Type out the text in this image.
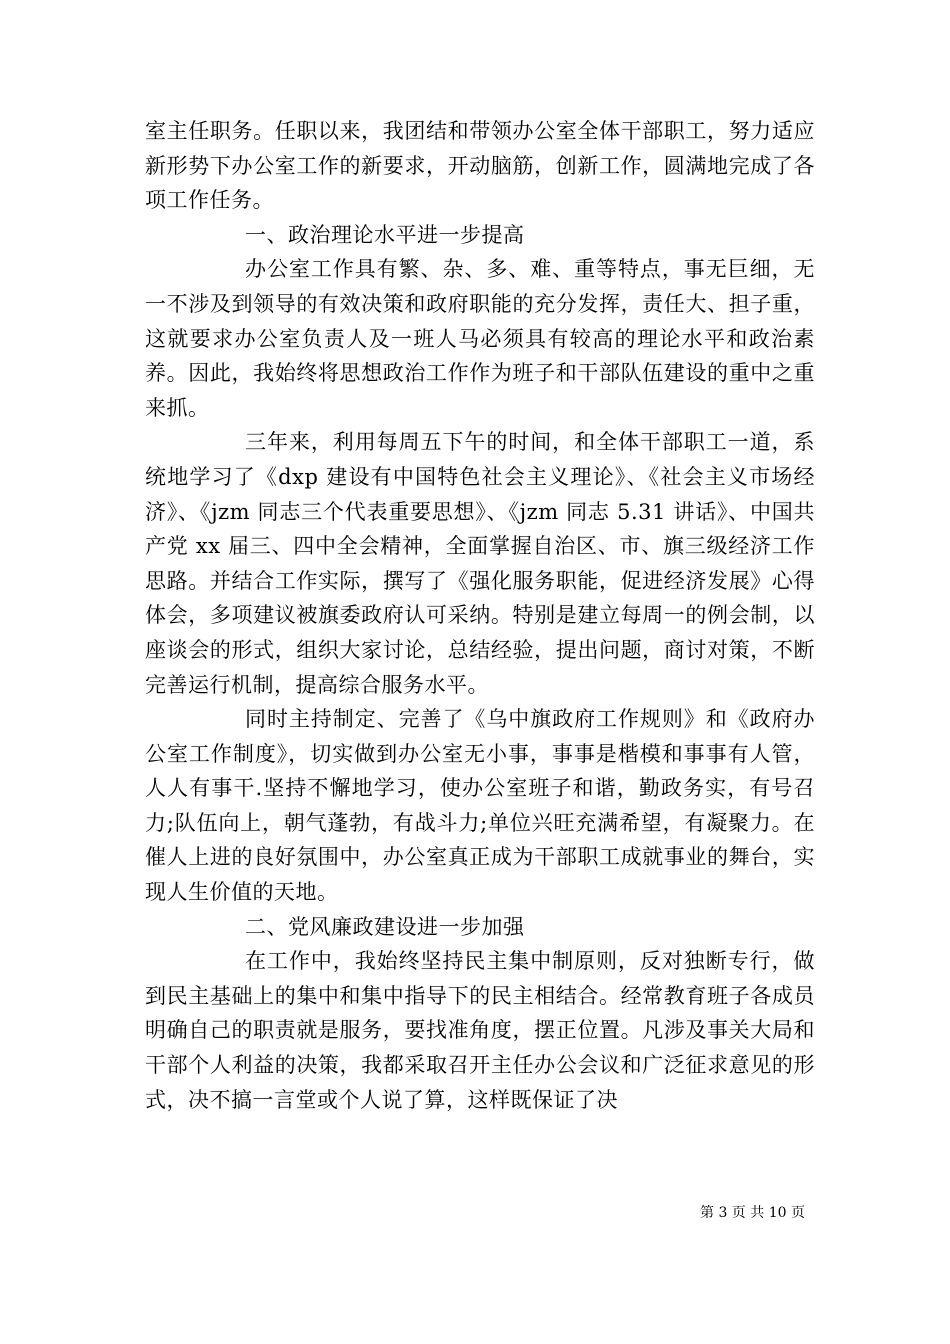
室主任职务。任职以来，我团结和带领办公室全体干部职工，努力适应新形势下办公室工作的新要求，开动脑筋，创新工作，圆满地完成了各项工作任务。

一、政治理论水平进一步提高

办公室工作具有繁、杂、多、难、重等特点，事无巨细，无一不涉及到领导的有效决策和政府职能的充分发挥，责任大、担子重，这就要求办公室负责人及一班人马必须具有较高的理论水平和政治素养。因此，我始终将思想政治工作作为班子和干部队伍建设的重中之重来抓。

三年来，利用每周五下午的时间，和全体干部职工一道，系统地学习了《dxp 建设有中国特色社会主义理论》、《社会主义市场经济》、《jzm 同志三个代表重要思想》、《jzm 同志 5.31 讲话》、中国共产党 xx 届三、四中全会精神，全面掌握自治区、市、旗三级经济工作思路。并结合工作实际，撰写了《强化服务职能，促进经济发展》心得体会，多项建议被旗委政府认可采纳。特别是建立每周一的例会制，以座谈会的形式，组织大家讨论，总结经验，提出问题，商讨对策，不断完善运行机制，提高综合服务水平。

同时主持制定、完善了《乌中旗政府工作规则》和《政府办公室工作制度》，切实做到办公室无小事，事事是楷模和事事有人管，人人有事干.坚持不懈地学习，使办公室班子和谐，勤政务实，有号召力;队伍向上，朝气蓬勃，有战斗力;单位兴旺充满希望，有凝聚力。在催人上进的良好氛围中，办公室真正成为干部职工成就事业的舞台，实现人生价值的天地。

二、党风廉政建设进一步加强

在工作中，我始终坚持民主集中制原则，反对独断专行，做到民主基础上的集中和集中指导下的民主相结合。经常教育班子各成员明确自己的职责就是服务，要找准角度，摆正位置。凡涉及事关大局和干部个人利益的决策，我都采取召开主任办公会议和广泛征求意见的形式，决不搞一言堂或个人说了算，这样既保证了决

第 3 页 共 10 页
